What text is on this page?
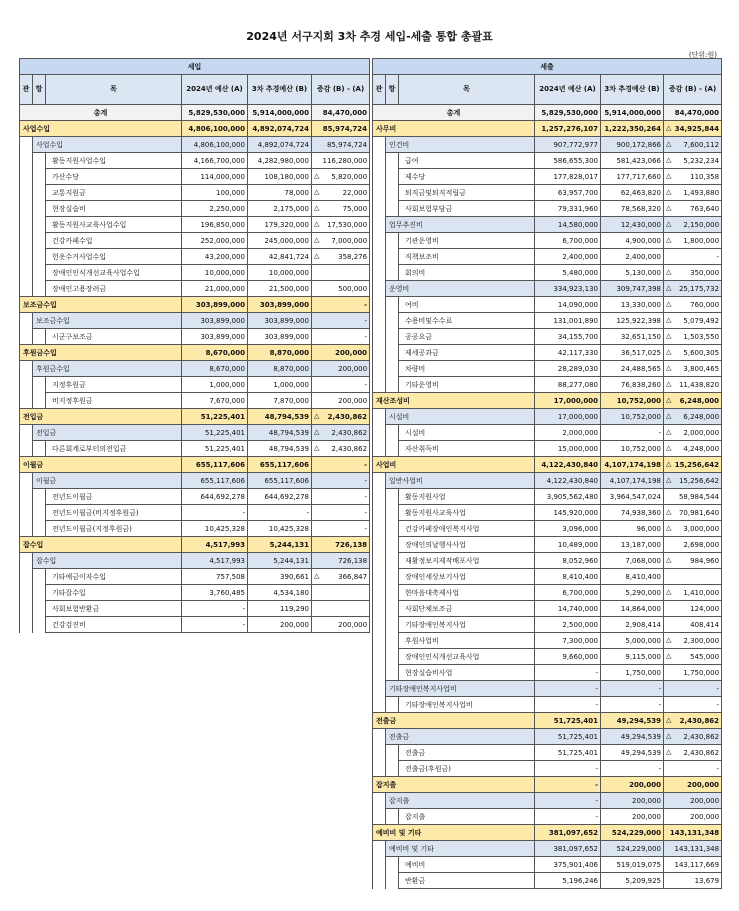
2024년 서구지회 3차 추경 세입-세출 통합 총괄표
(단위:원)
세입					
관	항	목	2024년 예산 (A)	3차 추경예산 (B)	증감 (B) - (A)
총계			5,829,530,000	5,914,000,000	84,470,000
사업수입			4,806,100,000	4,892,074,724	85,974,724
	사업수입		4,806,100,000	4,892,074,724	85,974,724
		활동지원사업수입	4,166,700,000	4,282,980,000	116,280,000
		가산수당	114,000,000	108,180,000	△ 5,820,000
		교통지원금	100,000	78,000	△ 22,000
		현장실습비	2,250,000	2,175,000	△ 75,000
		활동지원사교육사업수입	196,850,000	179,320,000	△ 17,530,000
		건강카페수입	252,000,000	245,000,000	△ 7,000,000
		헌옷수거사업수입	43,200,000	42,841,724	△ 358,276
		장애인인식개선교육사업수입	10,000,000	10,000,000	
		장애인고용장려금	21,000,000	21,500,000	500,000
보조금수입			303,899,000	303,899,000	-
	보조금수입		303,899,000	303,899,000	-
		시군구보조금	303,899,000	303,899,000	-
후원금수입			8,670,000	8,870,000	200,000
	후원금수입		8,670,000	8,870,000	200,000
		지정후원금	1,000,000	1,000,000	-
		비지정후원금	7,670,000	7,870,000	200,000
전입금			51,225,401	48,794,539	△ 2,430,862
	전입금		51,225,401	48,794,539	△ 2,430,862
		다른회계로부터의전입금	51,225,401	48,794,539	△ 2,430,862
이월금			655,117,606	655,117,606	-
	이월금		655,117,606	655,117,606	-
		전년도이월금	644,692,278	644,692,278	-
		전년도이월금(비지정후원금)	-	-	-
		전년도이월금(지정후원금)	10,425,328	10,425,328	-
잡수입			4,517,993	5,244,131	726,138
	잡수입		4,517,993	5,244,131	726,138
		기타예금이자수입	757,508	390,661	△ 366,847
		기타잡수입	3,760,485	4,534,180	
		사회보험반환금	-	119,290	
		건강검진비	-	200,000	200,000
세출					
관	항	목	2024년 예산 (A)	3차 추경예산 (B)	증감 (B) - (A)
총계			5,829,530,000	5,914,000,000	84,470,000
사무비			1,257,276,107	1,222,350,264	△ 34,925,844
	인건비		907,772,977	900,172,866	△ 7,600,112
		급여	586,655,300	581,423,066	△ 5,232,234
		제수당	177,828,017	177,717,660	△ 110,358
		퇴직금및퇴직적립금	63,957,700	62,463,820	△ 1,493,880
		사회보험부담금	79,331,960	78,568,320	△ 763,640
	업무추진비		14,580,000	12,430,000	△ 2,150,000
		기관운영비	6,700,000	4,900,000	△ 1,800,000
		직책보조비	2,400,000	2,400,000	-
		회의비	5,480,000	5,130,000	△ 350,000
	운영비		334,923,130	309,747,398	△ 25,175,732
		여비	14,090,000	13,330,000	△ 760,000
		수용비및수수료	131,001,890	125,922,398	△ 5,079,492
		공공요금	34,155,700	32,651,150	△ 1,503,550
		제세공과금	42,117,330	36,517,025	△ 5,600,305
		차량비	28,289,030	24,488,565	△ 3,800,465
		기타운영비	88,277,080	76,838,260	△ 11,438,820
재산조성비			17,000,000	10,752,000	△ 6,248,000
	시설비		17,000,000	10,752,000	△ 6,248,000
		시설비	2,000,000	-	△ 2,000,000
		자산취득비	15,000,000	10,752,000	△ 4,248,000
사업비			4,122,430,840	4,107,174,198	△ 15,256,642
	일반사업비		4,122,430,840	4,107,174,198	△ 15,256,642
		활동지원사업	3,905,562,480	3,964,547,024	58,984,544
		활동지원사교육사업	145,920,000	74,938,360	△ 70,981,640
		건강카페장애인복지사업	3,096,000	96,000	△ 3,000,000
		장애인의날행사사업	10,489,000	13,187,000	2,698,000
		재활정보지제작배포사업	8,052,960	7,068,000	△ 984,960
		장애인세상보기사업	8,410,400	8,410,400	
		한마음대축제사업	6,700,000	5,290,000	△ 1,410,000
		사회단체보조금	14,740,000	14,864,000	124,000
		기타장애인복지사업	2,500,000	2,908,414	408,414
		후원사업비	7,300,000	5,000,000	△ 2,300,000
		장애인인식개선교육사업	9,660,000	9,115,000	△ 545,000
		현장실습비사업	-	1,750,000	1,750,000
	기타장애인복지사업비		-	-	-
		기타장애인복지사업비	-	-	-
전출금			51,725,401	49,294,539	△ 2,430,862
	전출금		51,725,401	49,294,539	△ 2,430,862
		전출금	51,725,401	49,294,539	△ 2,430,862
		전출금(후원금)	-	-	-
잡지출			-	200,000	200,000
	잡지출		-	200,000	200,000
		잡지출	-	200,000	200,000
예비비 및 기타			381,097,652	524,229,000	143,131,348
	예비비 및 기타		381,097,652	524,229,000	143,131,348
		예비비	375,901,406	519,019,075	143,117,669
		반환금	5,196,246	5,209,925	13,679
